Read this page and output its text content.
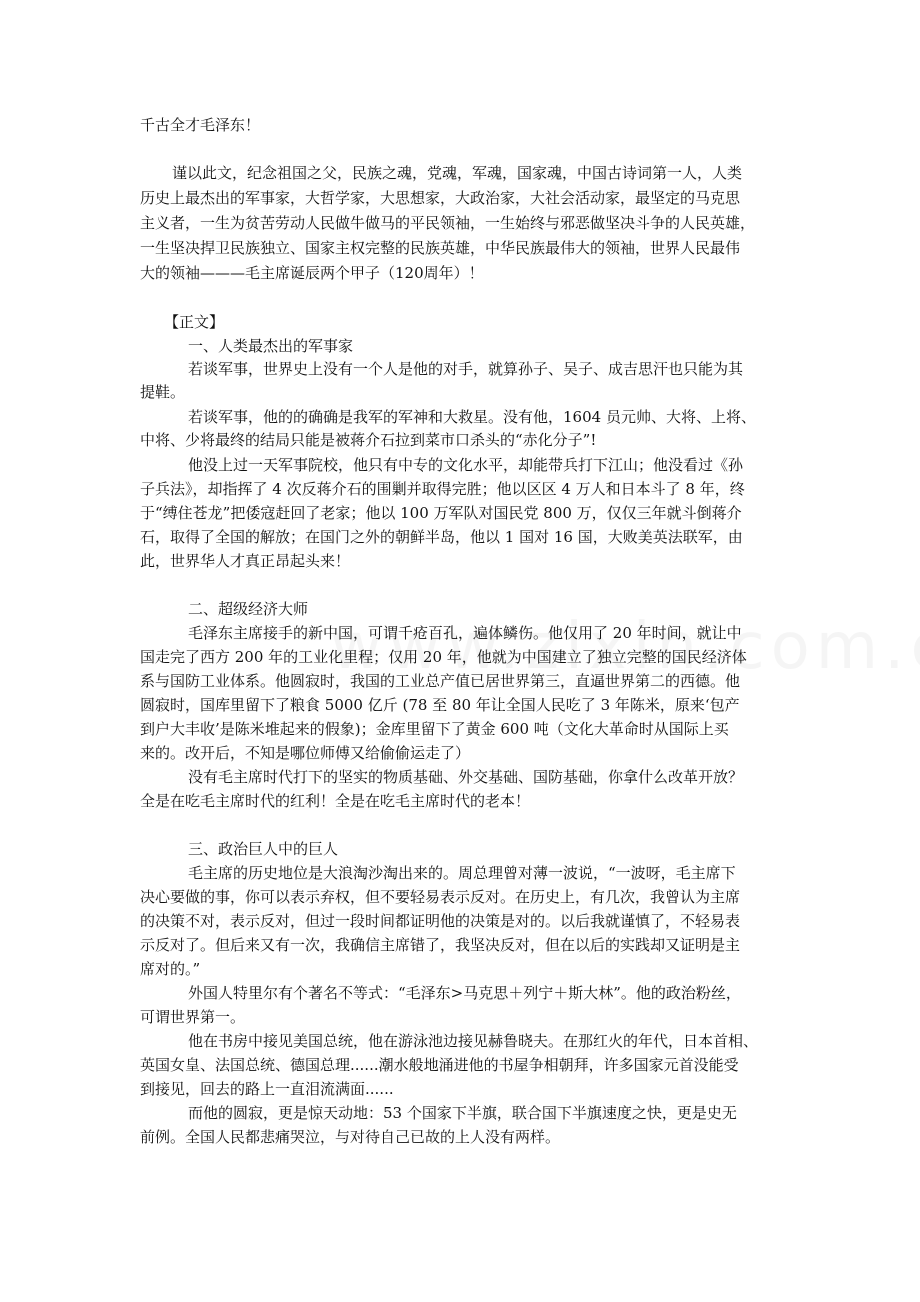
千古全才毛泽东！

谨以此文，纪念祖国之父，民族之魂，党魂，军魂，国家魂，中国古诗词第一人，人类

历史上最杰出的军事家，大哲学家，大思想家，大政治家，大社会活动家，最坚定的马克思

主义者，一生为贫苦劳动人民做牛做马的平民领袖，一生始终与邪恶做坚决斗争的人民英雄，

一生坚决捍卫民族独立、国家主权完整的民族英雄，中华民族最伟大的领袖，世界人民最伟

大的领袖———毛主席诞辰两个甲子（120周年）！

【正文】

一、人类最杰出的军事家

若谈军事，世界史上没有一个人是他的对手，就算孙子、吴子、成吉思汗也只能为其

提鞋。

若谈军事，他的的确确是我军的军神和大救星。没有他，1604 员元帅、大将、上将、

中将、少将最终的结局只能是被蒋介石拉到菜市口杀头的“赤化分子”!

他没上过一天军事院校，他只有中专的文化水平，却能带兵打下江山；他没看过《孙

子兵法》，却指挥了 4 次反蒋介石的围剿并取得完胜；他以区区 4 万人和日本斗了 8 年，终

于“缚住苍龙”把倭寇赶回了老家；他以 100 万军队对国民党 800 万，仅仅三年就斗倒蒋介

石，取得了全国的解放；在国门之外的朝鲜半岛，他以 1 国对 16 国，大败美英法联军，由

此，世界华人才真正昂起头来！

二、超级经济大师

毛泽东主席接手的新中国，可谓千疮百孔，遍体鳞伤。他仅用了 20 年时间，就让中

国走完了西方 200 年的工业化里程；仅用 20 年，他就为中国建立了独立完整的国民经济体

系与国防工业体系。他圆寂时，我国的工业总产值已居世界第三，直逼世界第二的西德。他

圆寂时，国库里留下了粮食 5000 亿斤 (78 至 80 年让全国人民吃了 3 年陈米，原来‘包产

到户大丰收’是陈米堆起来的假象)；金库里留下了黄金 600 吨（文化大革命时从国际上买

来的。改开后，不知是哪位师傅又给偷偷运走了）

没有毛主席时代打下的坚实的物质基础、外交基础、国防基础，你拿什么改革开放？

全是在吃毛主席时代的红利！全是在吃毛主席时代的老本！

三、政治巨人中的巨人

毛主席的历史地位是大浪淘沙淘出来的。周总理曾对薄一波说，“一波呀，毛主席下

决心要做的事，你可以表示弃权，但不要轻易表示反对。在历史上，有几次，我曾认为主席

的决策不对，表示反对，但过一段时间都证明他的决策是对的。以后我就谨慎了，不轻易表

示反对了。但后来又有一次，我确信主席错了，我坚决反对，但在以后的实践却又证明是主

席对的。”

外国人特里尔有个著名不等式：“毛泽东>马克思＋列宁＋斯大林”。他的政治粉丝，

可谓世界第一。

他在书房中接见美国总统，他在游泳池边接见赫鲁晓夫。在那红火的年代，日本首相、

英国女皇、法国总统、德国总理......潮水般地涌进他的书屋争相朝拜，许多国家元首没能受

到接见，回去的路上一直泪流满面......

而他的圆寂，更是惊天动地：53 个国家下半旗，联合国下半旗速度之快，更是史无

前例。全国人民都悲痛哭泣，与对待自己已故的上人没有两样。
